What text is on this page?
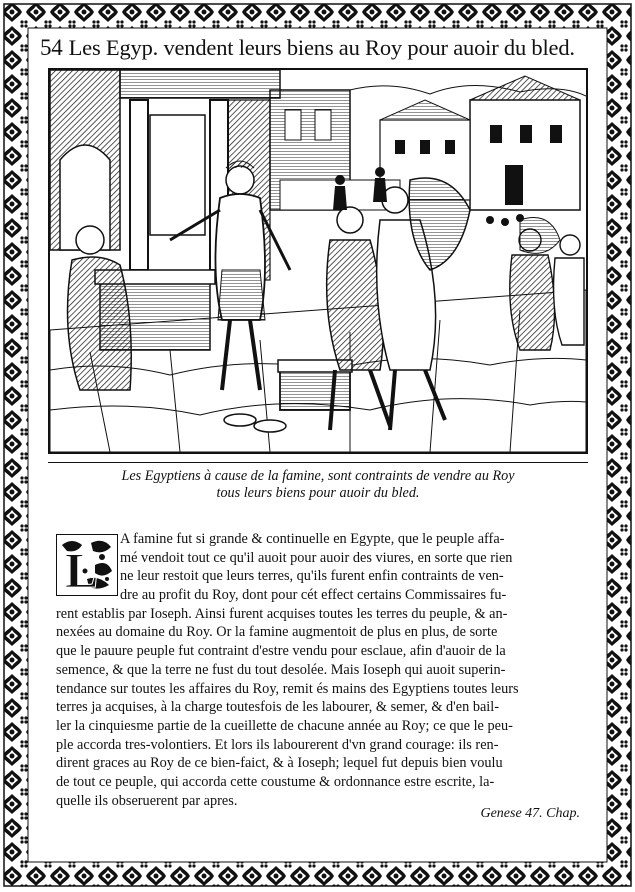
54 Les Egyp. vendent leurs biens au Roy pour auoir du bled.
Les Egyptiens à cause de la famine, sont contraints de vendre au Roy
tous leurs biens pour auoir du bled.
L
A famine fut si grande & continuelle en Egypte, que le peuple affa-
mé vendoit tout ce qu'il auoit pour auoir des viures, en sorte que rien
ne leur restoit que leurs terres, qu'ils furent enfin contraints de ven-
dre au profit du Roy, dont pour cét effect certains Commissaires fu-
rent establis par Ioseph. Ainsi furent acquises toutes les terres du peuple, & an-
nexées au domaine du Roy. Or la famine augmentoit de plus en plus, de sorte
que le pauure peuple fut contraint d'estre vendu pour esclaue, afin d'auoir de la
semence, & que la terre ne fust du tout desolée. Mais Ioseph qui auoit superin-
tendance sur toutes les affaires du Roy, remit és mains des Egyptiens toutes leurs
terres ja acquises, à la charge toutesfois de les labourer, & semer, & d'en bail-
ler la cinquiesme partie de la cueillette de chacune année au Roy; ce que le peu-
ple accorda tres-volontiers. Et lors ils labourerent d'vn grand courage: ils ren-
dirent graces au Roy de ce bien-faict, & à Ioseph; lequel fut depuis bien voulu
de tout ce peuple, qui accorda cette coustume & ordonnance estre escrite, la-
quelle ils obseruerent par apres.
Genese 47. Chap.
